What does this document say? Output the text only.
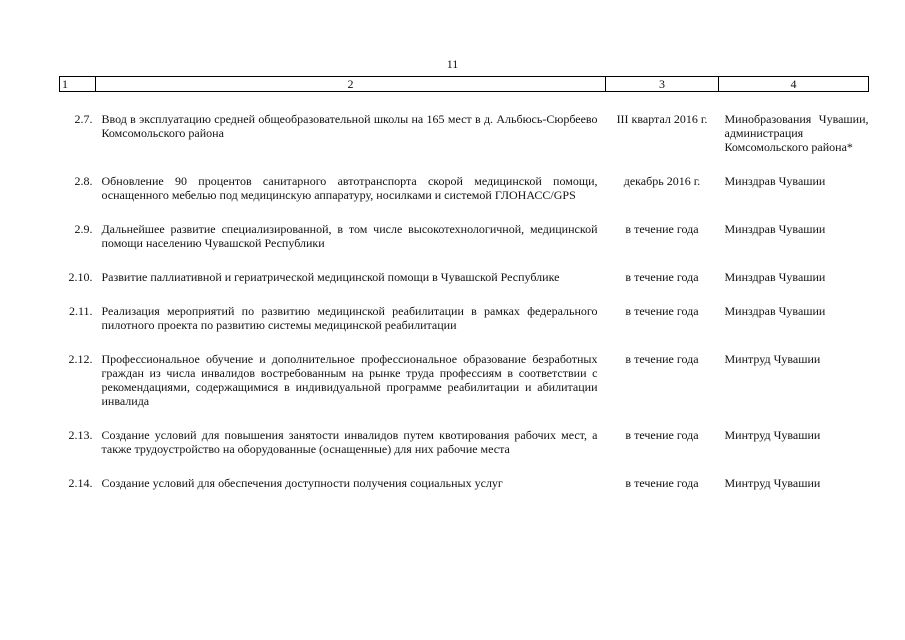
11
1	2	3	4

2.7.	Ввод в эксплуатацию средней общеобразовательной школы на 165 мест в д. Альбюсь-Сюрбеево Комсомольского района	III квартал 2016 г.	Минобразования Чувашии, администрация Комсомольского района*

2.8.	Обновление 90 процентов санитарного автотранспорта скорой медицинской помощи, оснащенного мебелью под медицинскую аппаратуру, носилками и системой ГЛОНАСС/GPS	декабрь 2016 г.	Минздрав Чувашии

2.9.	Дальнейшее развитие специализированной, в том числе высокотехнологичной, медицинской помощи населению Чувашской Республики	в течение года	Минздрав Чувашии

2.10.	Развитие паллиативной и гериатрической медицинской помощи в Чувашской Республике	в течение года	Минздрав Чувашии

2.11.	Реализация мероприятий по развитию медицинской реабилитации в рамках федерального пилотного проекта по развитию системы медицинской реабилитации	в течение года	Минздрав Чувашии

2.12.	Профессиональное обучение и дополнительное профессиональное образование безработных граждан из числа инвалидов востребованным на рынке труда профессиям в соответствии с рекомендациями, содержащимися в индивидуальной программе реабилитации и абилитации инвалида	в течение года	Минтруд Чувашии

2.13.	Создание условий для повышения занятости инвалидов путем квотирования рабочих мест, а также трудоустройство на оборудованные (оснащенные) для них рабочие места	в течение года	Минтруд Чувашии

2.14.	Создание условий для обеспечения доступности получения социальных услуг	в течение года	Минтруд Чувашии
